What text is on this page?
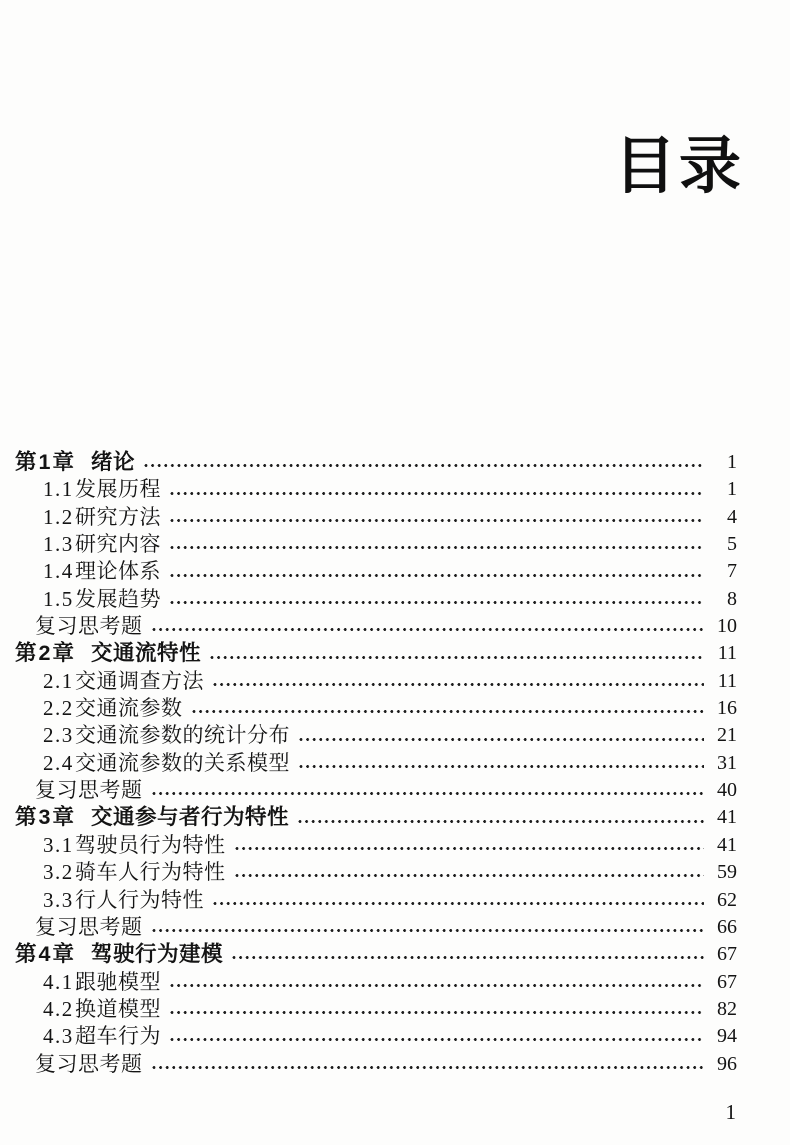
目录
第1章 绪论	1
1.1 发展历程	1
1.2 研究方法	4
1.3 研究内容	5
1.4 理论体系	7
1.5 发展趋势	8
复习思考题	10
第2章 交通流特性	11
2.1 交通调查方法	11
2.2 交通流参数	16
2.3 交通流参数的统计分布	21
2.4 交通流参数的关系模型	31
复习思考题	40
第3章 交通参与者行为特性	41
3.1 驾驶员行为特性	41
3.2 骑车人行为特性	59
3.3 行人行为特性	62
复习思考题	66
第4章 驾驶行为建模	67
4.1 跟驰模型	67
4.2 换道模型	82
4.3 超车行为	94
复习思考题	96
1
